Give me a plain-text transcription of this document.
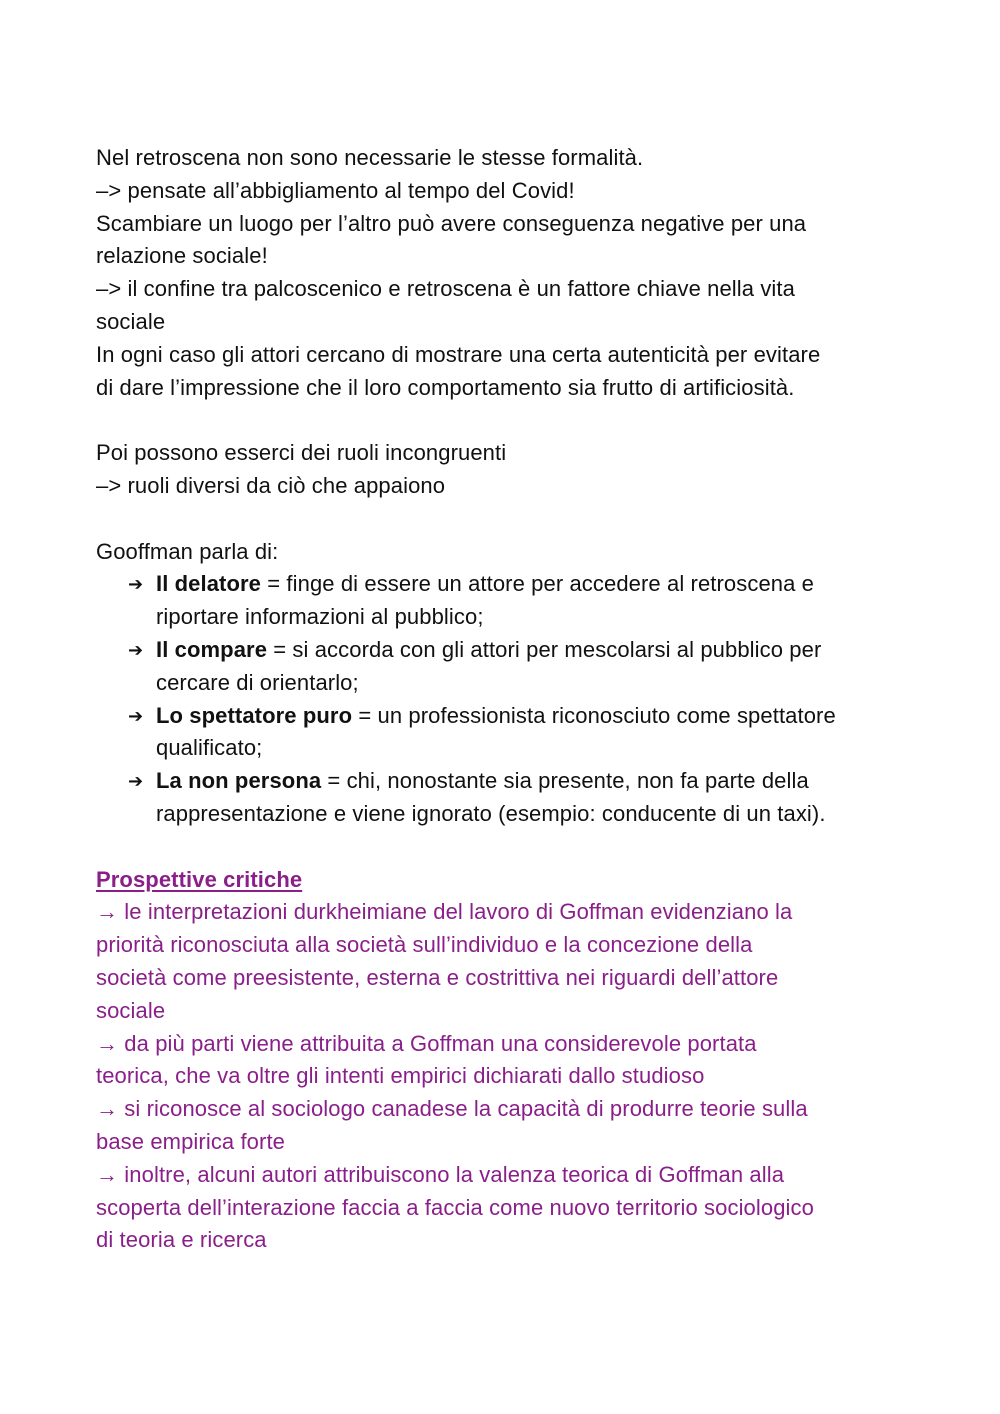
Nel retroscena non sono necessarie le stesse formalità.
–> pensate all’abbigliamento al tempo del Covid!
Scambiare un luogo per l’altro può avere conseguenza negative per una
relazione sociale!
–> il confine tra palcoscenico e retroscena è un fattore chiave nella vita
sociale
In ogni caso gli attori cercano di mostrare una certa autenticità per evitare
di dare l’impressione che il loro comportamento sia frutto di artificiosità.
Poi possono esserci dei ruoli incongruenti
–> ruoli diversi da ciò che appaiono
Gooffman parla di:
➔ Il delatore = finge di essere un attore per accedere al retroscena e
riportare informazioni al pubblico;
➔ Il compare = si accorda con gli attori per mescolarsi al pubblico per
cercare di orientarlo;
➔ Lo spettatore puro = un professionista riconosciuto come spettatore
qualificato;
➔ La non persona = chi, nonostante sia presente, non fa parte della
rappresentazione e viene ignorato (esempio: conducente di un taxi).
Prospettive critiche
→ le interpretazioni durkheimiane del lavoro di Goffman evidenziano la
priorità riconosciuta alla società sull’individuo e la concezione della
società come preesistente, esterna e costrittiva nei riguardi dell’attore
sociale
→ da più parti viene attribuita a Goffman una considerevole portata
teorica, che va oltre gli intenti empirici dichiarati dallo studioso
→ si riconosce al sociologo canadese la capacità di produrre teorie sulla
base empirica forte
→ inoltre, alcuni autori attribuiscono la valenza teorica di Goffman alla
scoperta dell’interazione faccia a faccia come nuovo territorio sociologico
di teoria e ricerca
